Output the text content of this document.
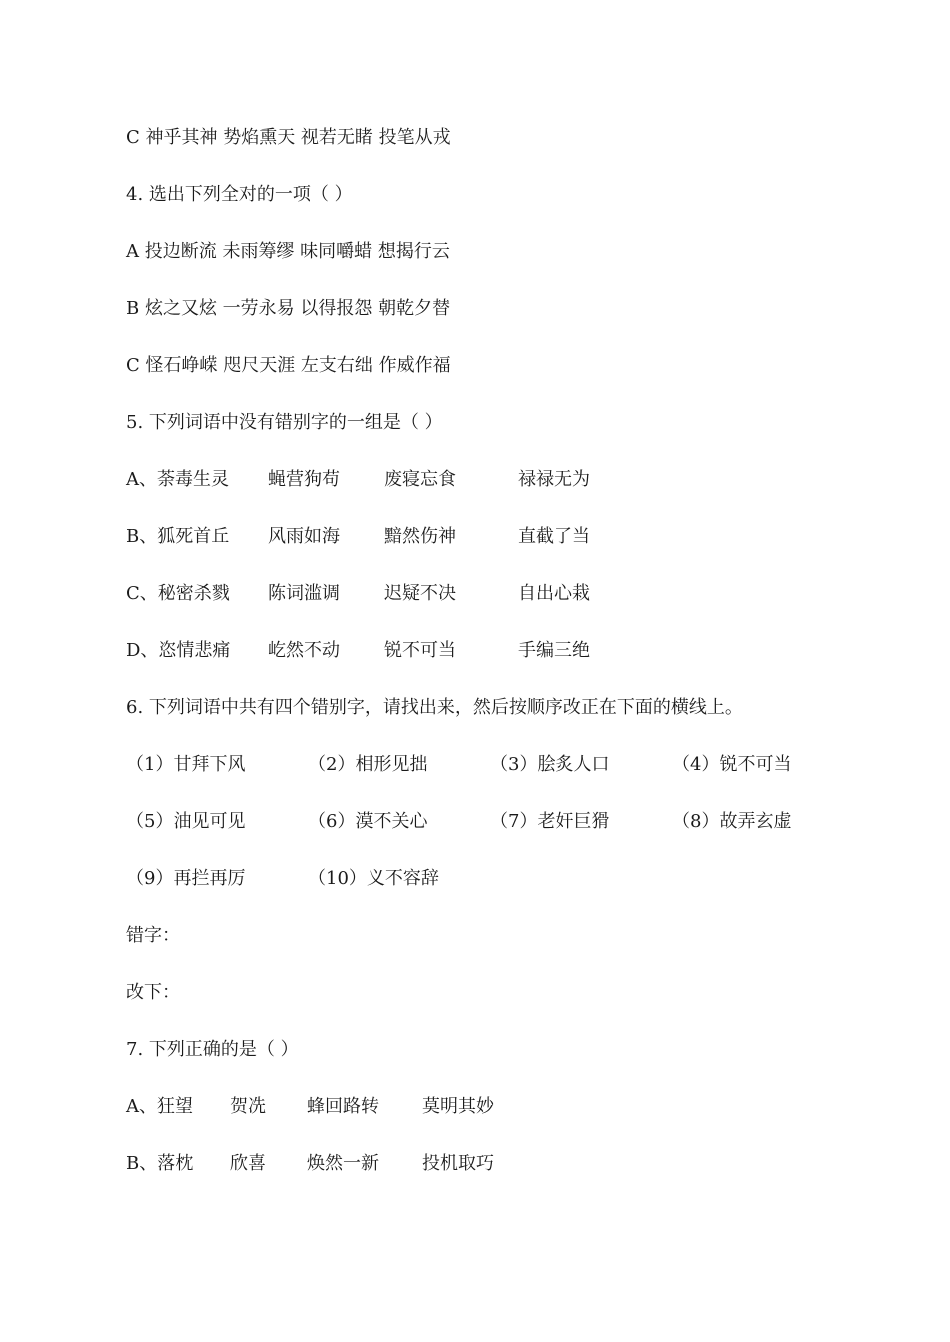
C 神乎其神 势焰熏天 视若无睹 投笔从戎
4. 选出下列全对的一项（ ）
A 投边断流 未雨筹缪 味同嚼蜡 想揭行云
B 炫之又炫 一劳永易 以得报怨 朝乾夕替
C 怪石峥嵘 咫尺天涯 左支右绌 作威作福
5. 下列词语中没有错别字的一组是（ ）
A、荼毒生灵 蝇营狗苟 废寝忘食	禄禄无为
B、狐死首丘 风雨如海 黯然伤神	直截了当
C、秘密杀戮 陈词滥调 迟疑不决	自出心栽
D、恣情悲痛 屹然不动 锐不可当	手编三绝
6. 下列词语中共有四个错别字，请找出来，然后按顺序改正在下面的横线上。
（1）甘拜下风	（2）相形见拙	（3）脍炙人口	（4）锐不可当
（5）油见可见	（6）漠不关心	（7）老奸巨猾	（8）故弄玄虚
（9）再拦再厉	（10）义不容辞
错字：
改下：
7. 下列正确的是（ ）
A、狂望 贺冼 蜂回路转 莫明其妙
B、落枕 欣喜 焕然一新 投机取巧
